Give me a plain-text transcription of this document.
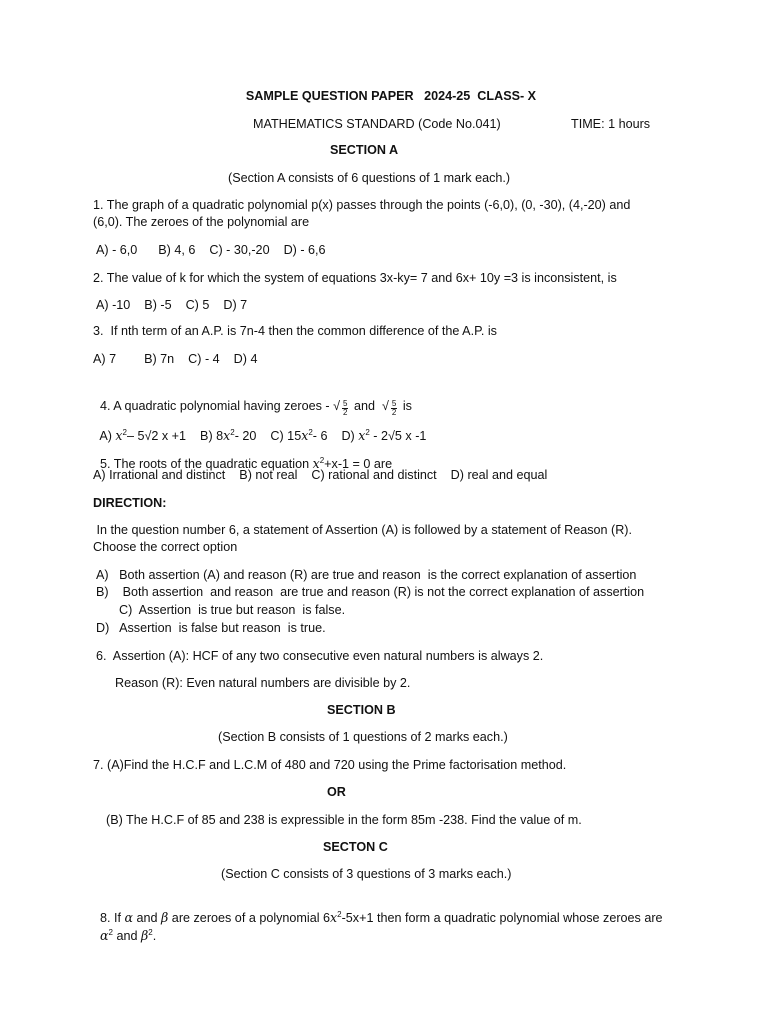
SAMPLE QUESTION PAPER   2024-25  CLASS- X
MATHEMATICS STANDARD (Code No.041)	TIME: 1 hours
SECTION A
(Section A consists of 6 questions of 1 mark each.)
1. The graph of a quadratic polynomial p(x) passes through the points (-6,0), (0, -30), (4,-20) and
(6,0). The zeroes of the polynomial are
A) - 6,0      B) 4, 6    C) - 30,-20    D) - 6,6
2. The value of k for which the system of equations 3x-ky= 7 and 6x+ 10y =3 is inconsistent, is
A) -10    B) -5    C) 5    D) 7
3.  If nth term of an A.P. is 7n-4 then the common difference of the A.P. is
A) 7        B) 7n    C) - 4    D) 4

4. A quadratic polynomial having zeroes - √ $\frac{5}{2}$ and  √ $\frac{5}{2}$ is

A) $x^2-$ 5√2 x +1    B) $8x^2-$ 20    C) $15x^2-$ 6    D) $x^2 - 2√5$ x -1

5. The roots of the quadratic equation $x^2+x-1 = 0$ are

A) Irrational and distinct    B) not real    C) rational and distinct    D) real and equal
DIRECTION:
In the question number 6, a statement of Assertion (A) is followed by a statement of Reason (R).
Choose the correct option
A)   Both assertion (A) and reason (R) are true and reason  is the correct explanation of assertion
B)    Both assertion  and reason  are true and reason (R) is not the correct explanation of assertion
C)  Assertion  is true but reason  is false.
D)   Assertion  is false but reason  is true.
6.  Assertion (A): HCF of any two consecutive even natural numbers is always 2.
Reason (R): Even natural numbers are divisible by 2.
SECTION B
(Section B consists of 1 questions of 2 marks each.)
7. (A)Find the H.C.F and L.C.M of 480 and 720 using the Prime factorisation method.
OR
(B) The H.C.F of 85 and 238 is expressible in the form 85m -238. Find the value of m.
SECTON C
(Section C consists of 3 questions of 3 marks each.)

8. If α and β are zeroes of a polynomial $6x^2-5x+1$ then form a quadratic polynomial whose zeroes are

$\alpha^2$ and $\beta^2$.
